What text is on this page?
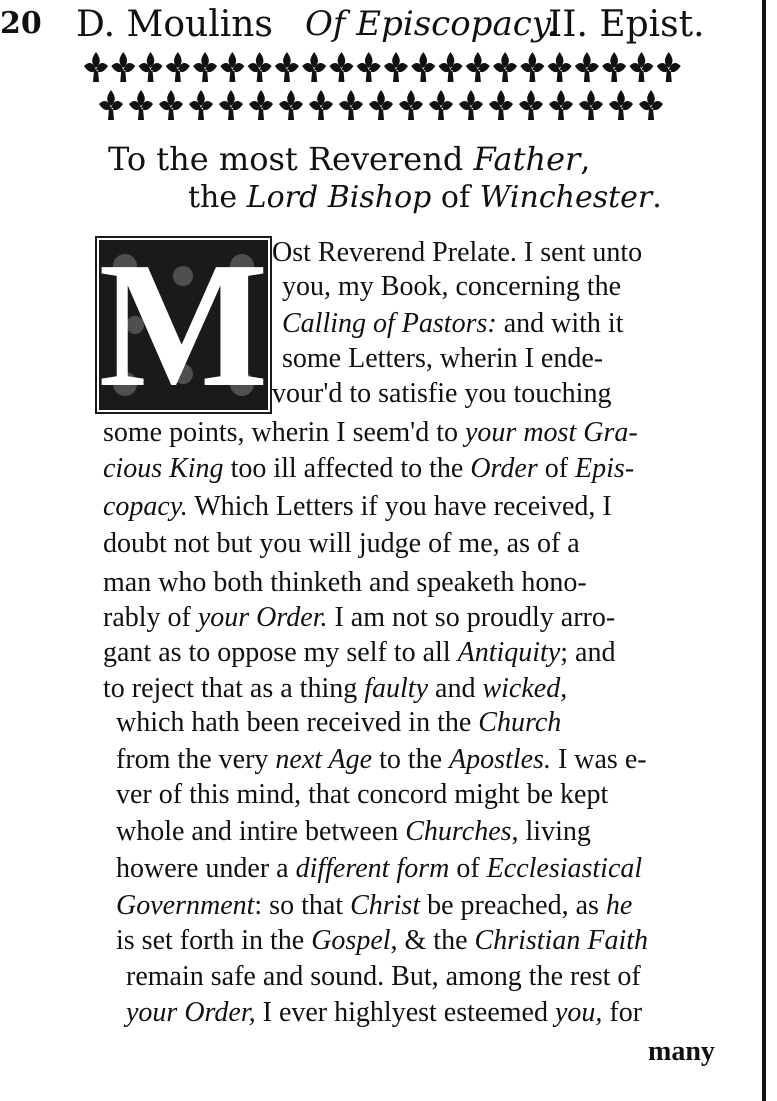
20 D. Moulins Of Episcopacy.
II. Epist.
To the most Reverend Father,
the Lord Bishop of Winchester.
M Ost Reverend Prelate. I sent unto
you, my Book, concerning the
Calling of Pastors: and with it
some Letters, wherin I ende-
vour'd to satisfie you touching
some points, wherin I seem'd to your most Gra-
cious King too ill affected to the Order of Epis-
copacy. Which Letters if you have received, I
doubt not but you will judge of me, as of a
man who both thinketh and speaketh hono-
rably of your Order. I am not so proudly arro-
gant as to oppose my self to all Antiquity; and
to reject that as a thing faulty and wicked,
which hath been received in the Church
from the very next Age to the Apostles. I was e-
ver of this mind, that concord might be kept
whole and intire between Churches, living
howere under a different form of Ecclesiastical
Government: so that Christ be preached, as he
is set forth in the Gospel, & the Christian Faith
remain safe and sound. But, among the rest of
your Order, I ever highlyest esteemed you, for
many
